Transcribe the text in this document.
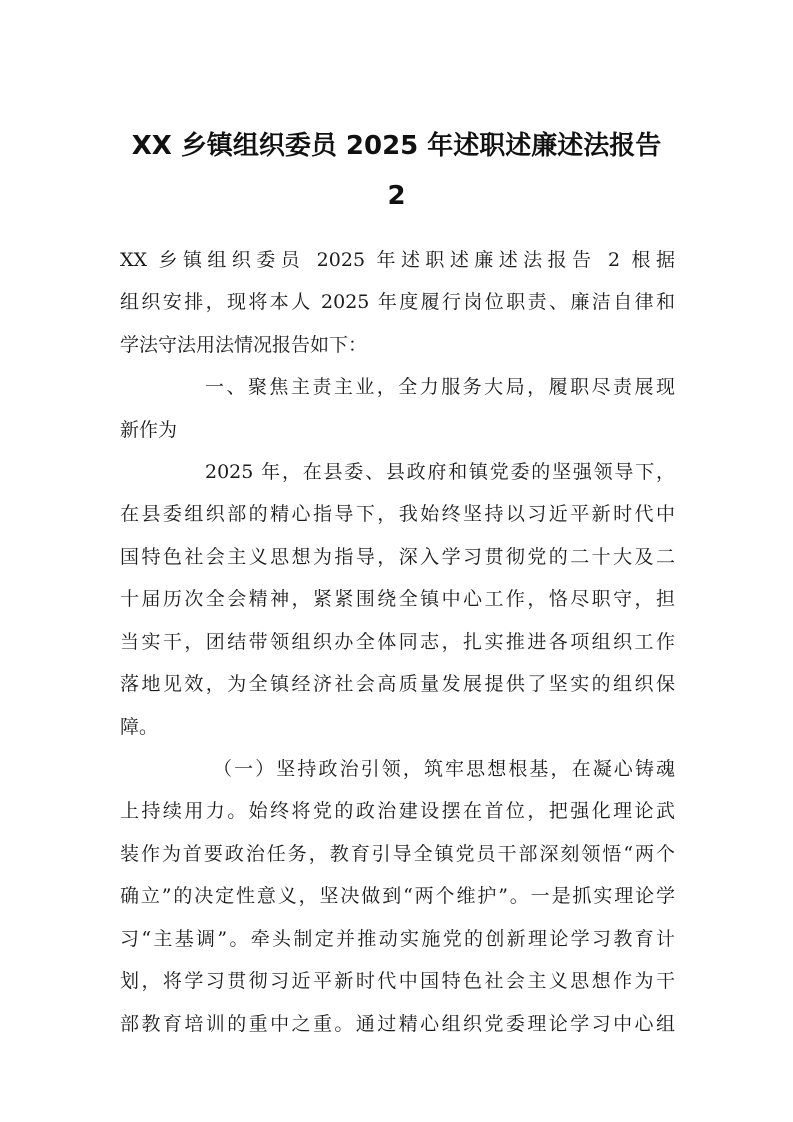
XX 乡镇组织委员 2025 年述职述廉述法报告
2
XX 乡镇组织委员 2025 年述职述廉述法报告 2 根据
组织安排，现将本人 2025 年度履行岗位职责、廉洁自律和
学法守法用法情况报告如下：
一、聚焦主责主业，全力服务大局，履职尽责展现
新作为
2025 年，在县委、县政府和镇党委的坚强领导下，
在县委组织部的精心指导下，我始终坚持以习近平新时代中
国特色社会主义思想为指导，深入学习贯彻党的二十大及二
十届历次全会精神，紧紧围绕全镇中心工作，恪尽职守，担
当实干，团结带领组织办全体同志，扎实推进各项组织工作
落地见效，为全镇经济社会高质量发展提供了坚实的组织保
障。
（一）坚持政治引领，筑牢思想根基，在凝心铸魂
上持续用力。始终将党的政治建设摆在首位，把强化理论武
装作为首要政治任务，教育引导全镇党员干部深刻领悟“两个
确立”的决定性意义，坚决做到“两个维护”。一是抓实理论学
习“主基调”。牵头制定并推动实施党的创新理论学习教育计
划，将学习贯彻习近平新时代中国特色社会主义思想作为干
部教育培训的重中之重。通过精心组织党委理论学习中心组
